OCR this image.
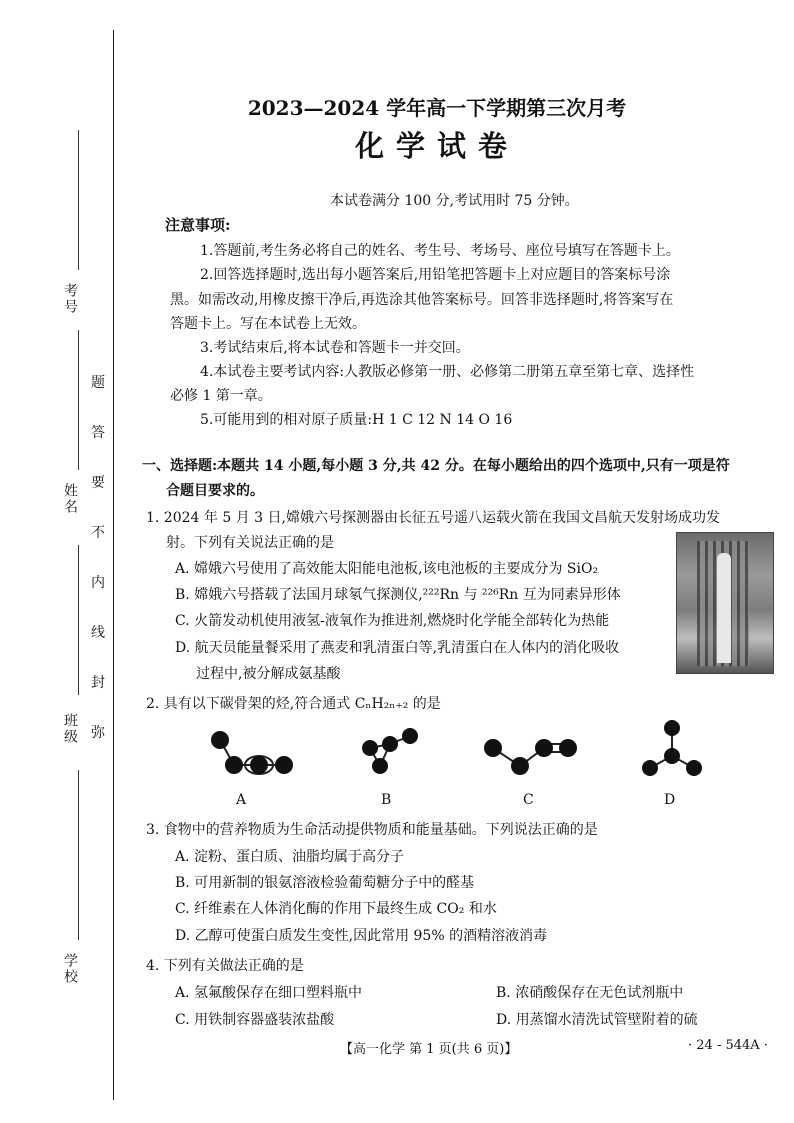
考号
姓名
班级
学校
题
答
要
不
内
线
封
弥
2023—2024 学年高一下学期第三次月考
化学试卷
本试卷满分 100 分,考试用时 75 分钟。
注意事项:
1.答题前,考生务必将自己的姓名、考生号、考场号、座位号填写在答题卡上。
2.回答选择题时,选出每小题答案后,用铅笔把答题卡上对应题目的答案标号涂
黑。如需改动,用橡皮擦干净后,再选涂其他答案标号。回答非选择题时,将答案写在
答题卡上。写在本试卷上无效。
3.考试结束后,将本试卷和答题卡一并交回。
4.本试卷主要考试内容:人教版必修第一册、必修第二册第五章至第七章、选择性
必修 1 第一章。
5.可能用到的相对原子质量:H 1 C 12 N 14 O 16
一、选择题:本题共 14 小题,每小题 3 分,共 42 分。在每小题给出的四个选项中,只有一项是符
合题目要求的。
1. 2024 年 5 月 3 日,嫦娥六号探测器由长征五号遥八运载火箭在我国文昌航天发射场成功发
射。下列有关说法正确的是
A. 嫦娥六号使用了高效能太阳能电池板,该电池板的主要成分为 SiO₂
B. 嫦娥六号搭载了法国月球氡气探测仪,²²²Rn 与 ²²⁶Rn 互为同素异形体
C. 火箭发动机使用液氢-液氧作为推进剂,燃烧时化学能全部转化为热能
D. 航天员能量餐采用了燕麦和乳清蛋白等,乳清蛋白在人体内的消化吸收
过程中,被分解成氨基酸
2. 具有以下碳骨架的烃,符合通式 CₙH₂ₙ₊₂ 的是
A	B	C	D
3. 食物中的营养物质为生命活动提供物质和能量基础。下列说法正确的是
A. 淀粉、蛋白质、油脂均属于高分子
B. 可用新制的银氨溶液检验葡萄糖分子中的醛基
C. 纤维素在人体消化酶的作用下最终生成 CO₂ 和水
D. 乙醇可使蛋白质发生变性,因此常用 95% 的酒精溶液消毒
4. 下列有关做法正确的是
A. 氢氟酸保存在细口塑料瓶中	B. 浓硝酸保存在无色试剂瓶中
C. 用铁制容器盛装浓盐酸	D. 用蒸馏水清洗试管壁附着的硫
【高一化学 第 1 页(共 6 页)】	· 24 - 544A ·
